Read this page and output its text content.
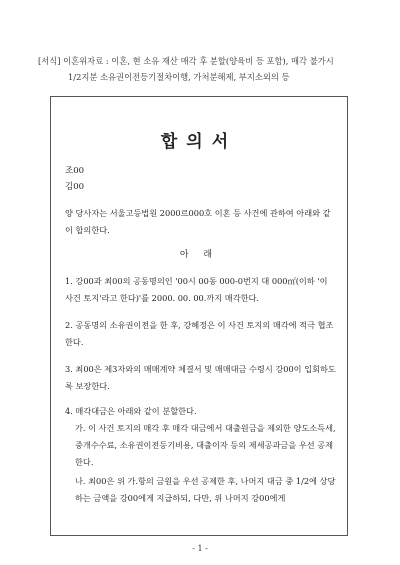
[서식] 이혼위자료 : 이혼, 현 소유 재산 매각 후 분할(양육비 등 포함), 매각 불가시
1/2지분 소유권이전등기절차이행, 가처분해제, 부지소외의 등
합의서
조00
김00
양 당사자는 서울고등법원 2000르000호 이혼 등 사건에 관하여 아래와 같이 합의한다.
아 래
1. 강00과 최00의 공동명의인 '00시 00동 000-0번지 대 000㎡(이하 '이 사건 토지'라고 한다)'를 2000. 00. 00.까지 매각한다.
2. 공동명의 소유권이전을 한 후, 강혜정은 이 사건 토지의 매각에 적극 협조한다.
3. 최00은 제3자와의 매매계약 체결서 및 매매대금 수령시 강00이 입회하도록 보장한다.
4. 매각대금은 아래와 같이 분할한다.
가. 이 사건 토지의 매각 후 매각 대금에서 대출원금을 제외한 양도소득세, 중개수수료, 소유권이전등기비용, 대출이자 등의 제세공과금을 우선 공제한다.
나. 최00은 위 가.항의 금원을 우선 공제한 후, 나머지 대금 중 1/2에 상당하는 금액을 강00에게 지급하되, 다만, 위 나머지 강00에게
- 1 -
